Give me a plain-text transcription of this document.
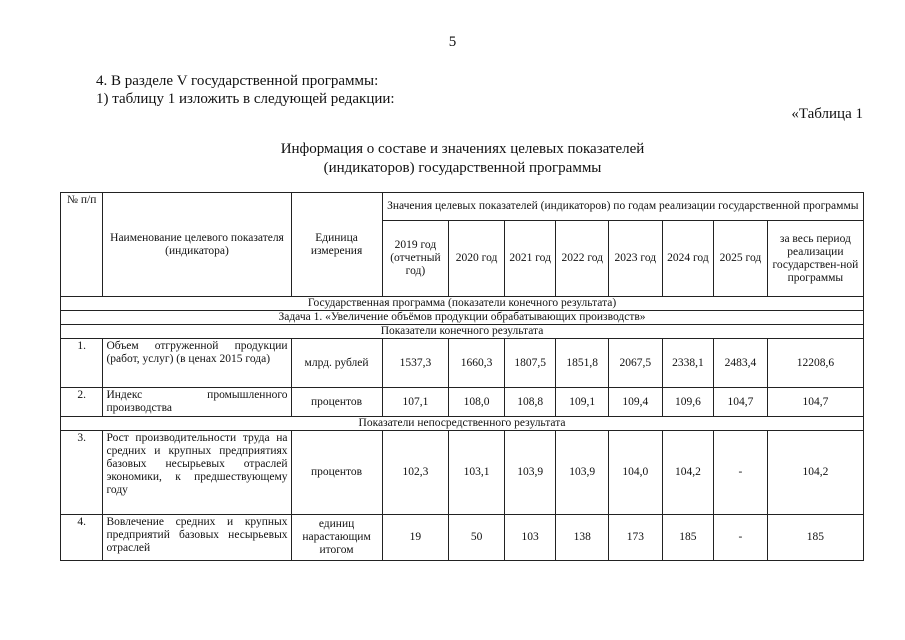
5
4. В разделе V государственной программы:
1) таблицу 1 изложить в следующей редакции:
«Таблица 1
Информация о составе и значениях целевых показателей
(индикаторов) государственной программы
№ п/п	Наименование целевого показателя (индикатора)	Единица измерения	Значения целевых показателей (индикаторов) по годам реализации государственной программы							
			2019 год (отчетный год)	2020 год	2021 год	2022 год	2023 год	2024 год	2025 год	за весь период реализации государствен-ной программы
Государственная программа (показатели конечного результата)										
Задача 1. «Увеличение объёмов продукции обрабатывающих производств»										
Показатели конечного результата										
1.	Объем отгруженной продукции (работ, услуг) (в ценах 2015 года)	млрд. рублей	1537,3	1660,3	1807,5	1851,8	2067,5	2338,1	2483,4	12208,6
2.	Индекс промышленного производства	процентов	107,1	108,0	108,8	109,1	109,4	109,6	104,7	104,7
Показатели непосредственного результата										
3.	Рост производительности труда на средних и крупных предприятиях базовых несырьевых отраслей экономики, к предшествующему году	процентов	102,3	103,1	103,9	103,9	104,0	104,2	-	104,2
4.	Вовлечение средних и крупных предприятий базовых несырьевых отраслей	единиц нарастающим итогом	19	50	103	138	173	185	-	185
